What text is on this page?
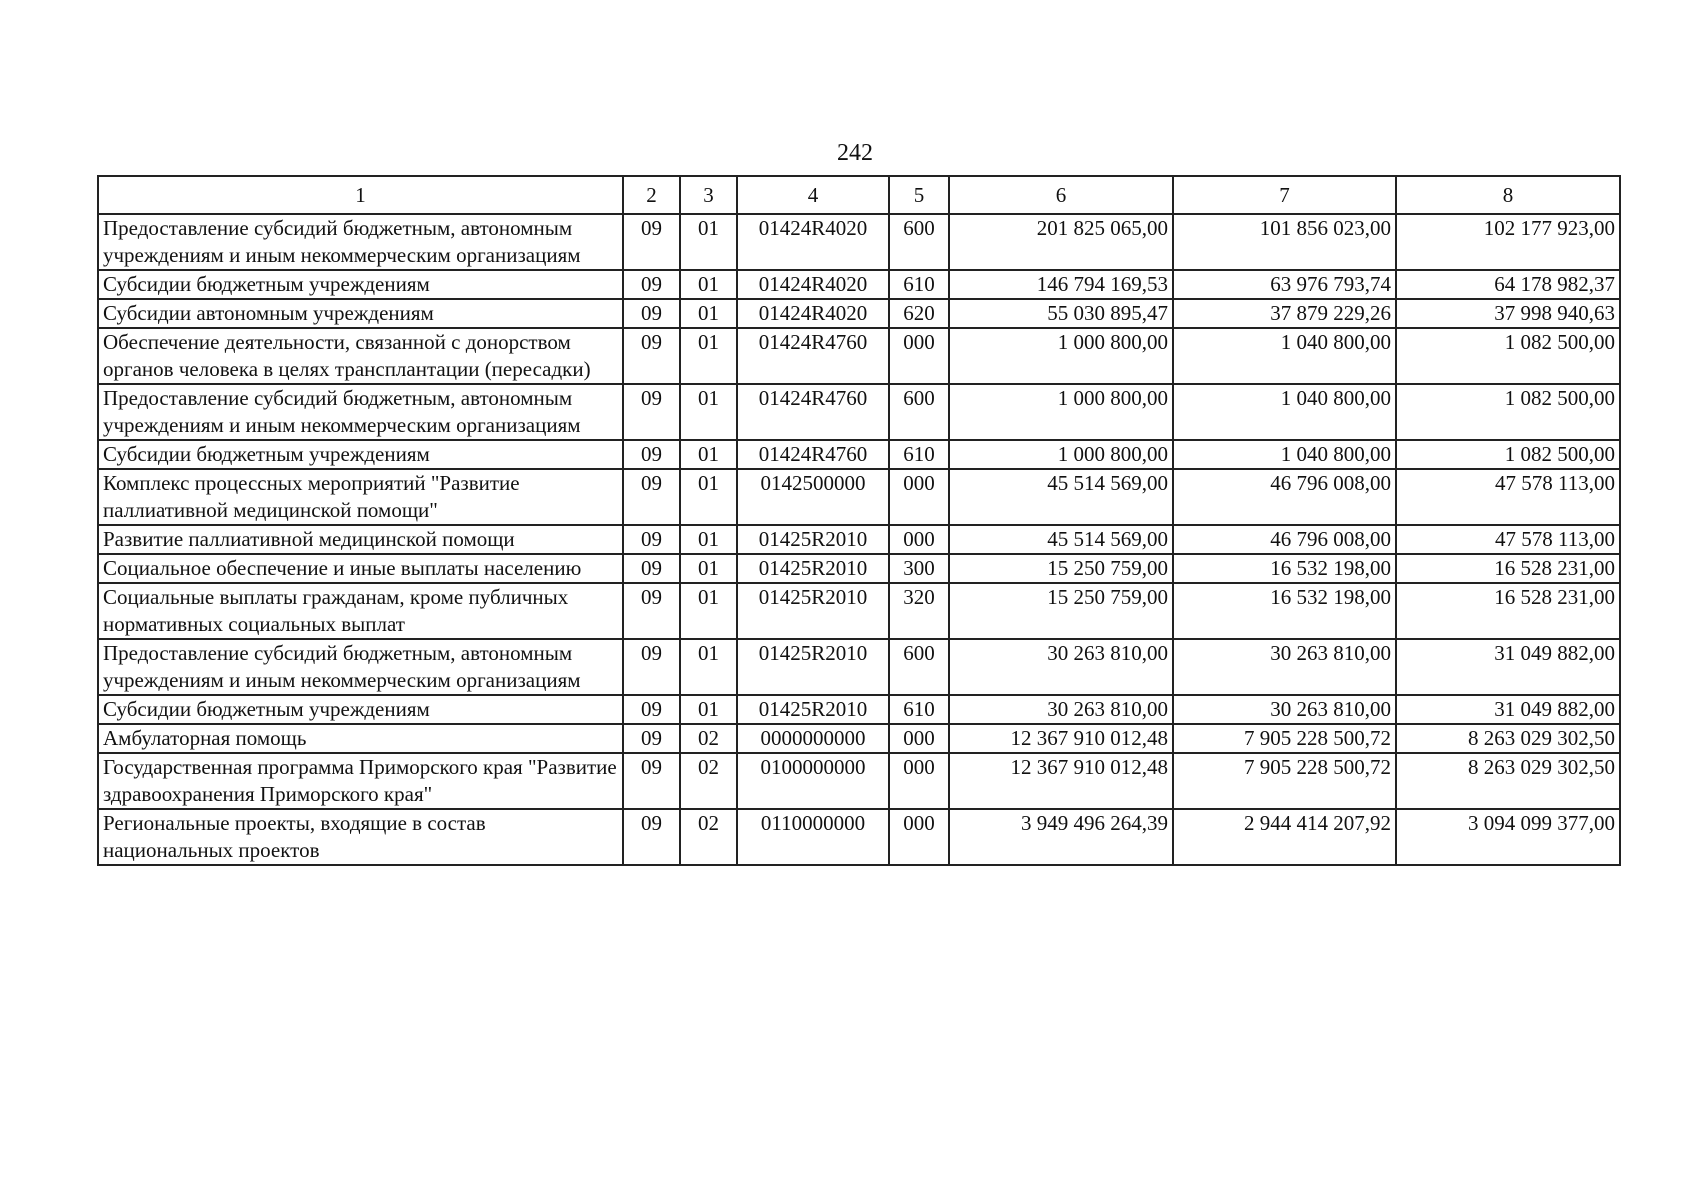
242
1	2	3	4	5	6	7	8
Предоставление субсидий бюджетным, автономным учреждениям и иным некоммерческим организациям	09	01	01424R4020	600	201 825 065,00	101 856 023,00	102 177 923,00
Субсидии бюджетным учреждениям	09	01	01424R4020	610	146 794 169,53	63 976 793,74	64 178 982,37
Субсидии автономным учреждениям	09	01	01424R4020	620	55 030 895,47	37 879 229,26	37 998 940,63
Обеспечение деятельности, связанной с донорством органов человека в целях трансплантации (пересадки)	09	01	01424R4760	000	1 000 800,00	1 040 800,00	1 082 500,00
Предоставление субсидий бюджетным, автономным учреждениям и иным некоммерческим организациям	09	01	01424R4760	600	1 000 800,00	1 040 800,00	1 082 500,00
Субсидии бюджетным учреждениям	09	01	01424R4760	610	1 000 800,00	1 040 800,00	1 082 500,00
Комплекс процессных мероприятий "Развитие паллиативной медицинской помощи"	09	01	0142500000	000	45 514 569,00	46 796 008,00	47 578 113,00
Развитие паллиативной медицинской помощи	09	01	01425R2010	000	45 514 569,00	46 796 008,00	47 578 113,00
Социальное обеспечение и иные выплаты населению	09	01	01425R2010	300	15 250 759,00	16 532 198,00	16 528 231,00
Социальные выплаты гражданам, кроме публичных нормативных социальных выплат	09	01	01425R2010	320	15 250 759,00	16 532 198,00	16 528 231,00
Предоставление субсидий бюджетным, автономным учреждениям и иным некоммерческим организациям	09	01	01425R2010	600	30 263 810,00	30 263 810,00	31 049 882,00
Субсидии бюджетным учреждениям	09	01	01425R2010	610	30 263 810,00	30 263 810,00	31 049 882,00
Амбулаторная помощь	09	02	0000000000	000	12 367 910 012,48	7 905 228 500,72	8 263 029 302,50
Государственная программа Приморского края "Развитие здравоохранения Приморского края"	09	02	0100000000	000	12 367 910 012,48	7 905 228 500,72	8 263 029 302,50
Региональные проекты, входящие в состав национальных проектов	09	02	0110000000	000	3 949 496 264,39	2 944 414 207,92	3 094 099 377,00
